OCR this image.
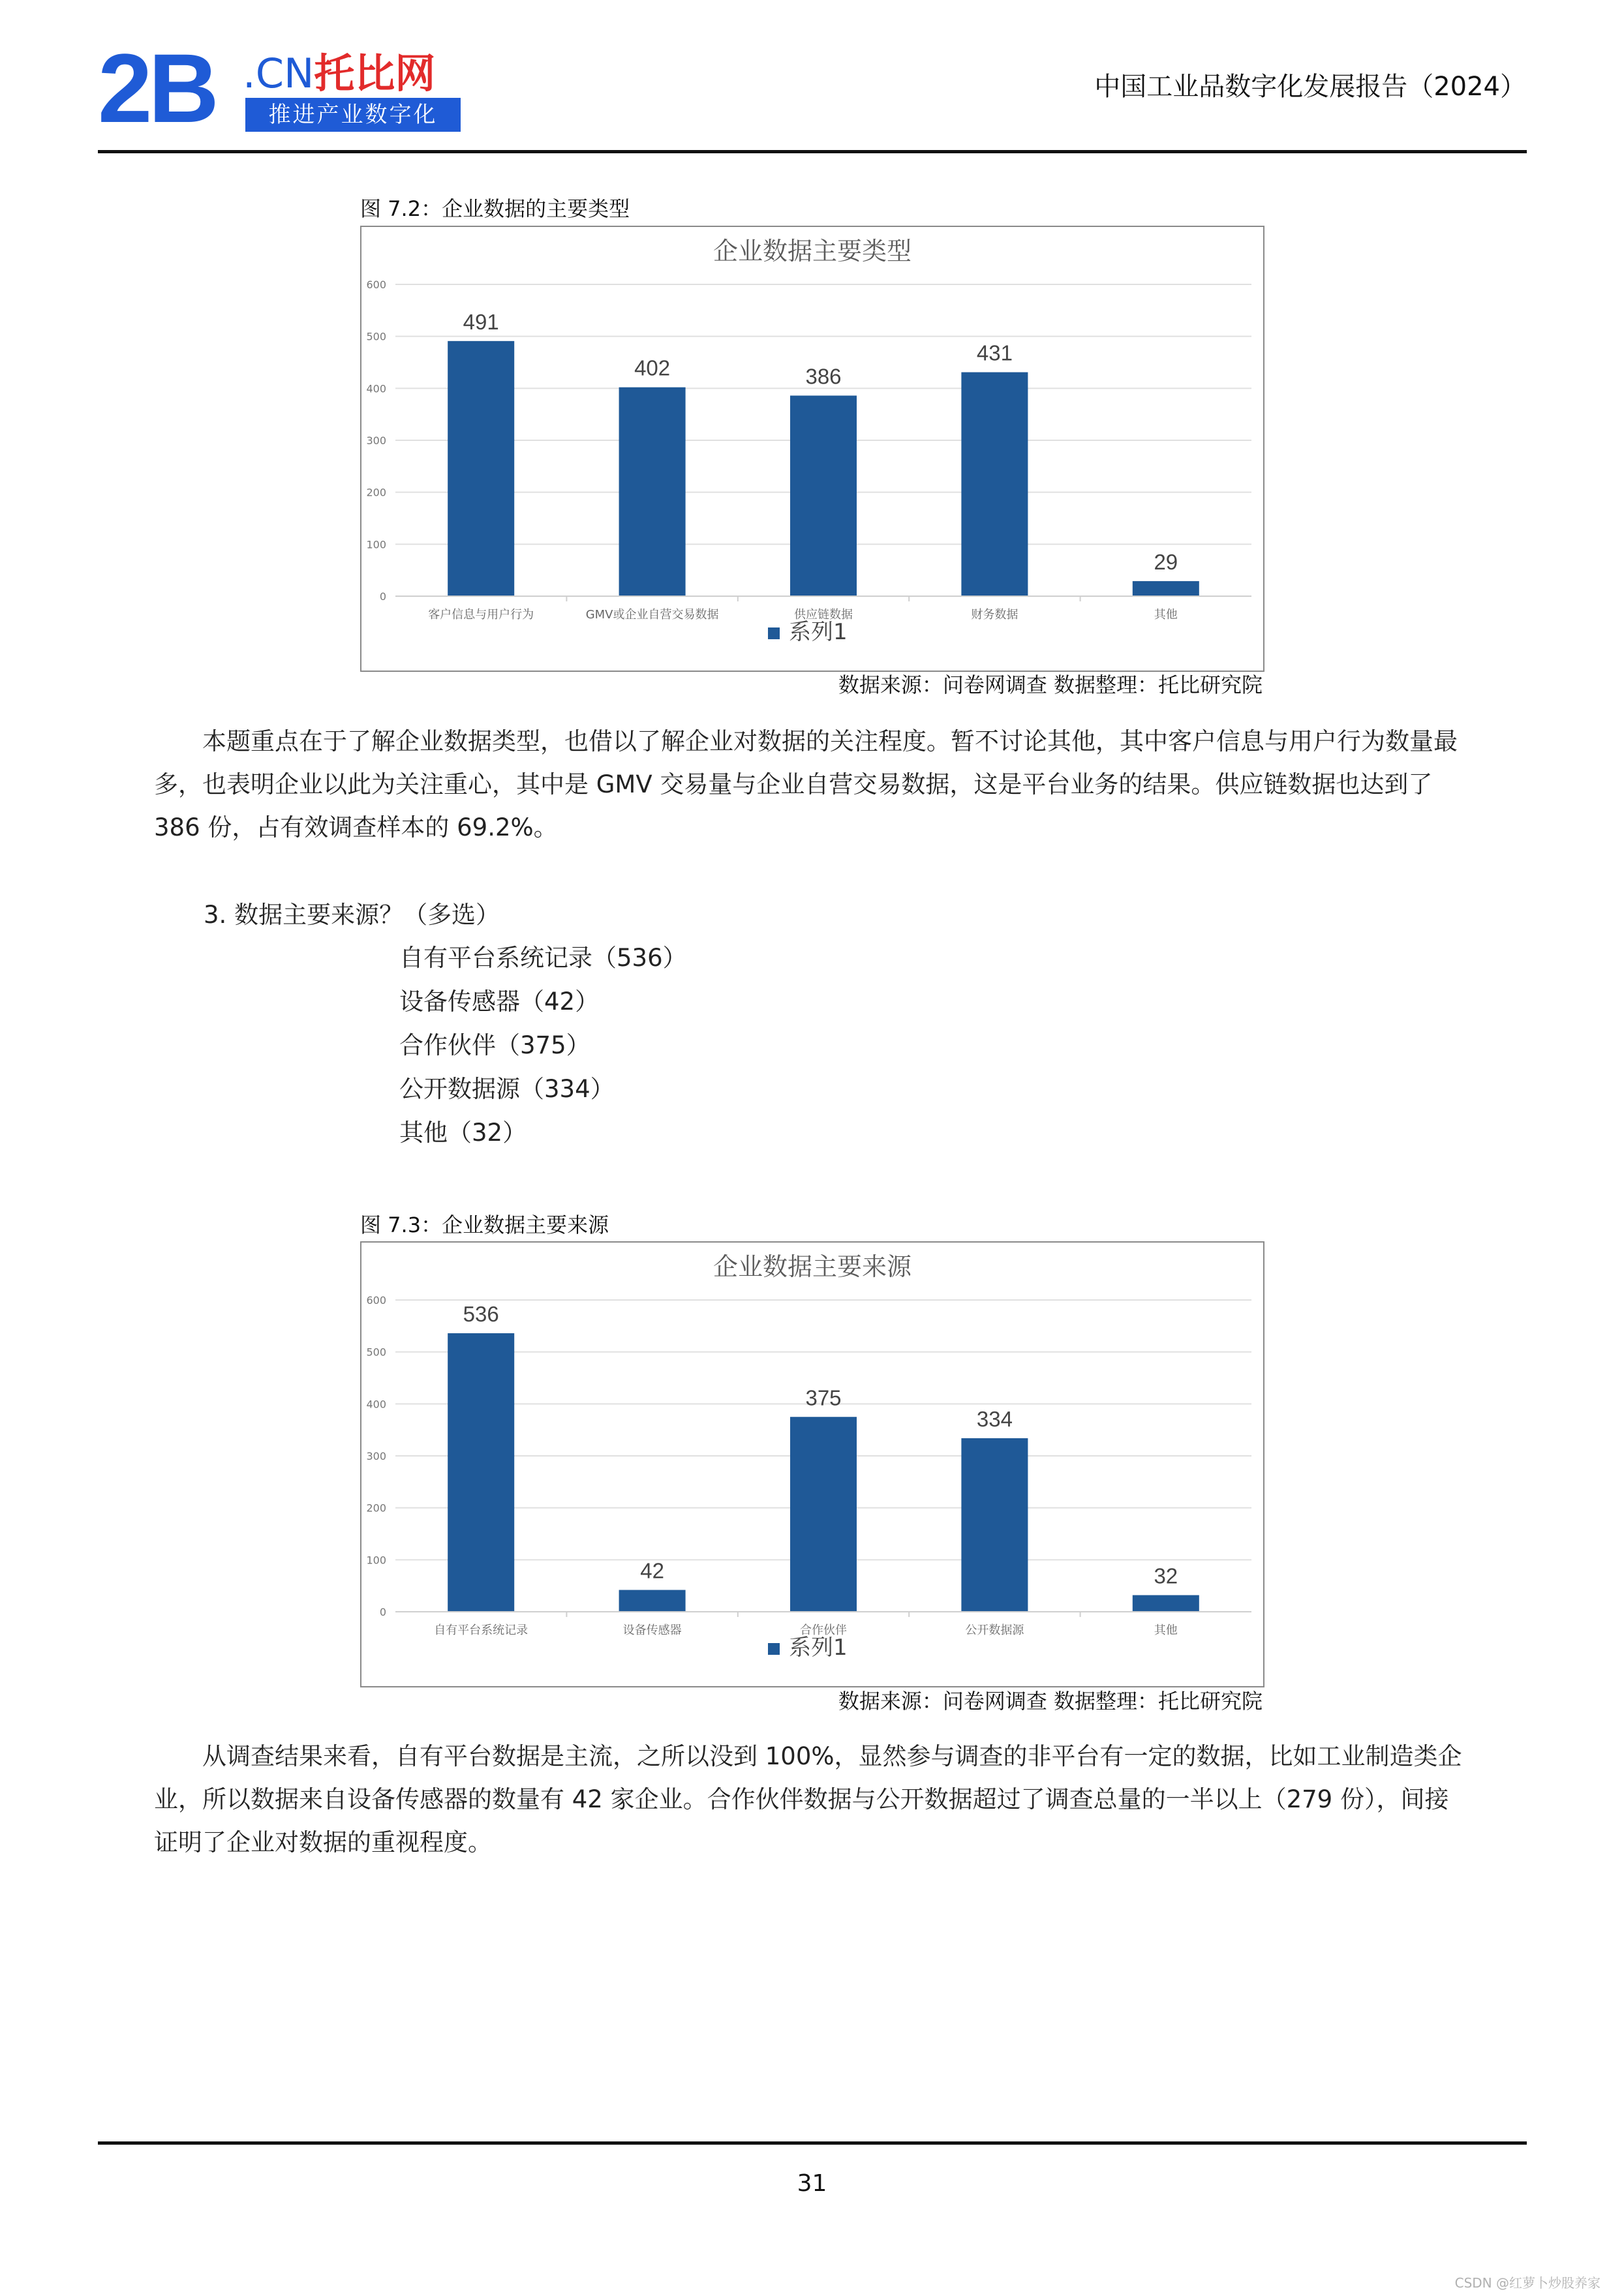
2B .CN托比网
推进产业数字化
中国工业品数字化发展报告（2024）
图 7.2：企业数据的主要类型
企业数据主要类型
0
100
200
300
400
500
600
491
客户信息与用户行为
402
GMV或企业自营交易数据
386
供应链数据
431
财务数据
29
其他
系列1
数据来源：问卷网调查 数据整理：托比研究院

本题重点在于了解企业数据类型，也借以了解企业对数据的关注程度。暂不讨论其他，其中客户信息与用户行为数量最多，也表明企业以此为关注重心，其中是 GMV 交易量与企业自营交易数据，这是平台业务的结果。供应链数据也达到了 386 份，占有效调查样本的 69.2%。

3. 数据主要来源？（多选）
自有平台系统记录（536）
设备传感器（42）
合作伙伴（375）
公开数据源（334）
其他（32）
图 7.3：企业数据主要来源
企业数据主要来源
0
100
200
300
400
500
600
536
自有平台系统记录
42
设备传感器
375
合作伙伴
334
公开数据源
32
其他
系列1
数据来源：问卷网调查 数据整理：托比研究院

从调查结果来看，自有平台数据是主流，之所以没到 100%，显然参与调查的非平台有一定的数据，比如工业制造类企业，所以数据来自设备传感器的数量有 42 家企业。合作伙伴数据与公开数据超过了调查总量的一半以上（279 份），间接证明了企业对数据的重视程度。

31
CSDN @红萝卜炒股养家
